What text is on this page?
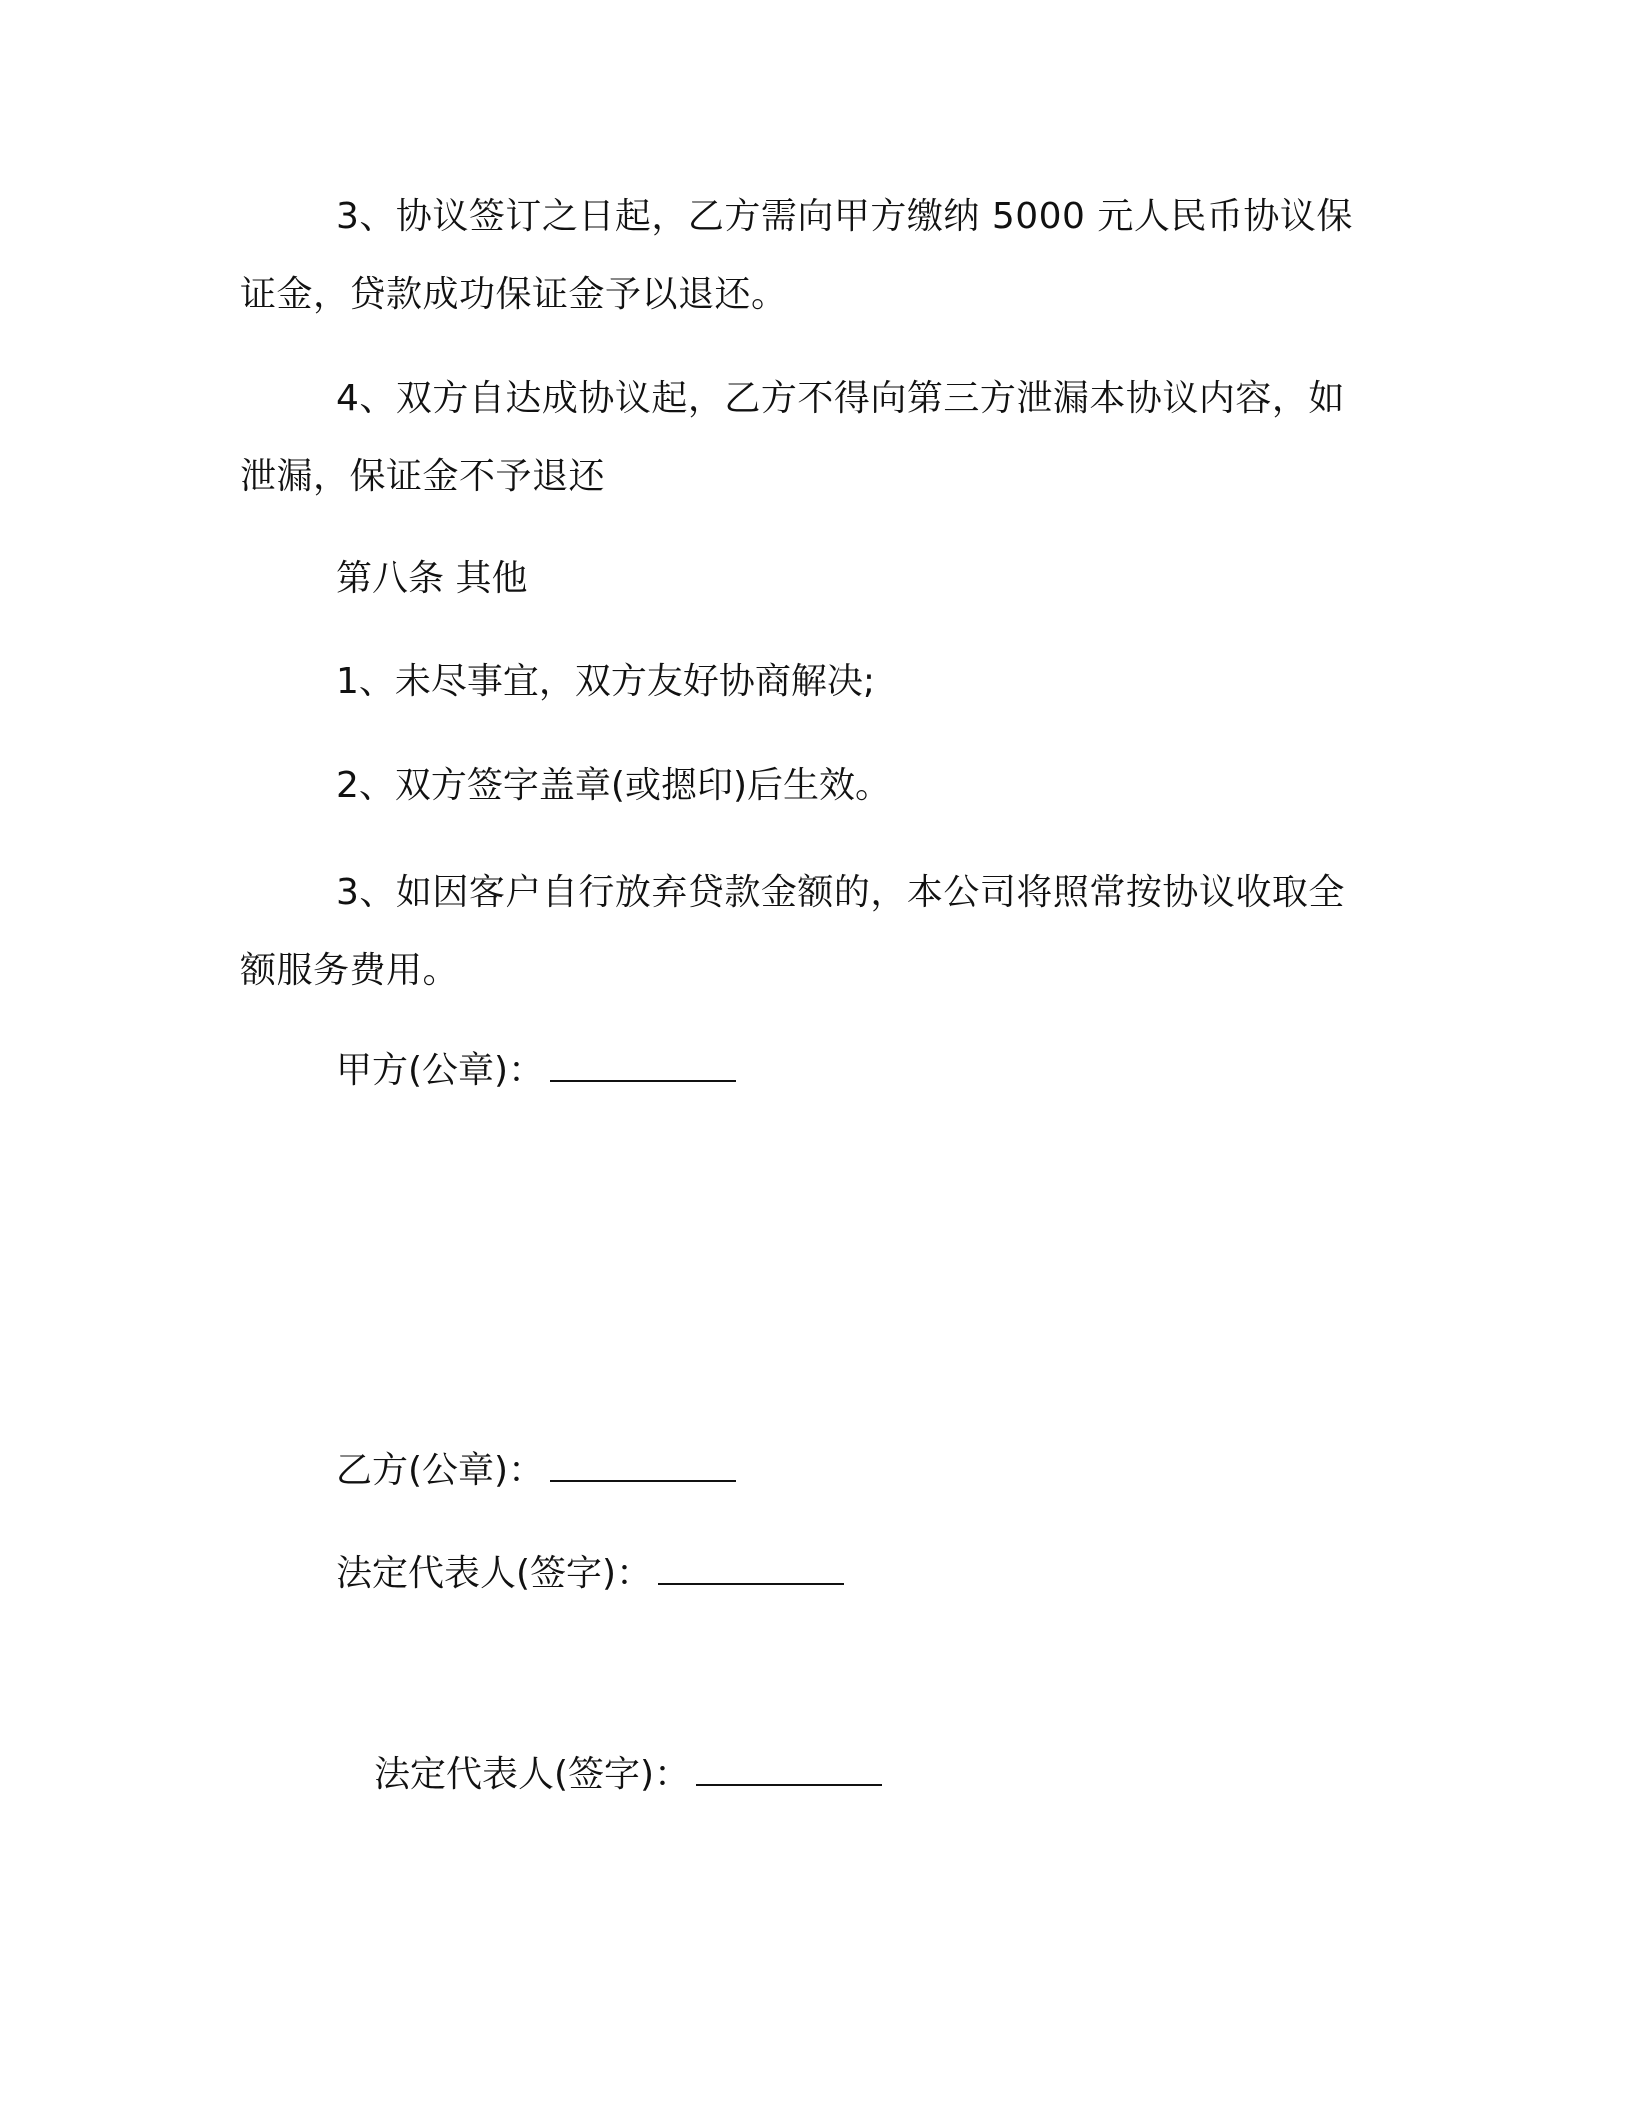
3、协议签订之日起，乙方需向甲方缴纳 5000 元人民币协议保证金，贷款成功保证金予以退还。

4、双方自达成协议起，乙方不得向第三方泄漏本协议内容，如泄漏，保证金不予退还

第八条 其他

1、未尽事宜，双方友好协商解决;

2、双方签字盖章(或摁印)后生效。

3、如因客户自行放弃贷款金额的，本公司将照常按协议收取全额服务费用。

甲方(公章)：
乙方(公章)：
法定代表人(签字)：
法定代表人(签字)：
